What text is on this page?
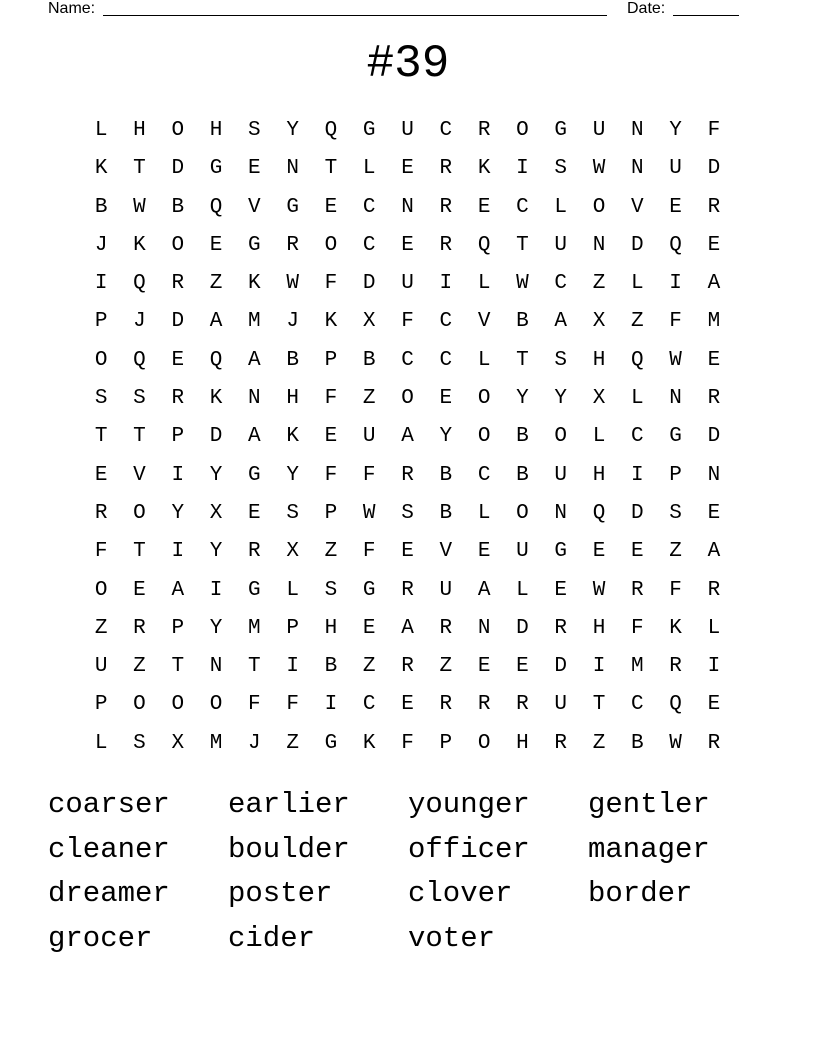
Name:	Date:
#39
L	H	O	H	S	Y	Q	G	U	C	R	O	G	U	N	Y	F
K	T	D	G	E	N	T	L	E	R	K	I	S	W	N	U	D
B	W	B	Q	V	G	E	C	N	R	E	C	L	O	V	E	R
J	K	O	E	G	R	O	C	E	R	Q	T	U	N	D	Q	E
I	Q	R	Z	K	W	F	D	U	I	L	W	C	Z	L	I	A
P	J	D	A	M	J	K	X	F	C	V	B	A	X	Z	F	M
O	Q	E	Q	A	B	P	B	C	C	L	T	S	H	Q	W	E
S	S	R	K	N	H	F	Z	O	E	O	Y	Y	X	L	N	R
T	T	P	D	A	K	E	U	A	Y	O	B	O	L	C	G	D
E	V	I	Y	G	Y	F	F	R	B	C	B	U	H	I	P	N
R	O	Y	X	E	S	P	W	S	B	L	O	N	Q	D	S	E
F	T	I	Y	R	X	Z	F	E	V	E	U	G	E	E	Z	A
O	E	A	I	G	L	S	G	R	U	A	L	E	W	R	F	R
Z	R	P	Y	M	P	H	E	A	R	N	D	R	H	F	K	L
U	Z	T	N	T	I	B	Z	R	Z	E	E	D	I	M	R	I
P	O	O	O	F	F	I	C	E	R	R	R	U	T	C	Q	E
L	S	X	M	J	Z	G	K	F	P	O	H	R	Z	B	W	R
coarser	earlier	younger	gentler
cleaner	boulder	officer	manager
dreamer	poster	clover	border
grocer	cider	voter
